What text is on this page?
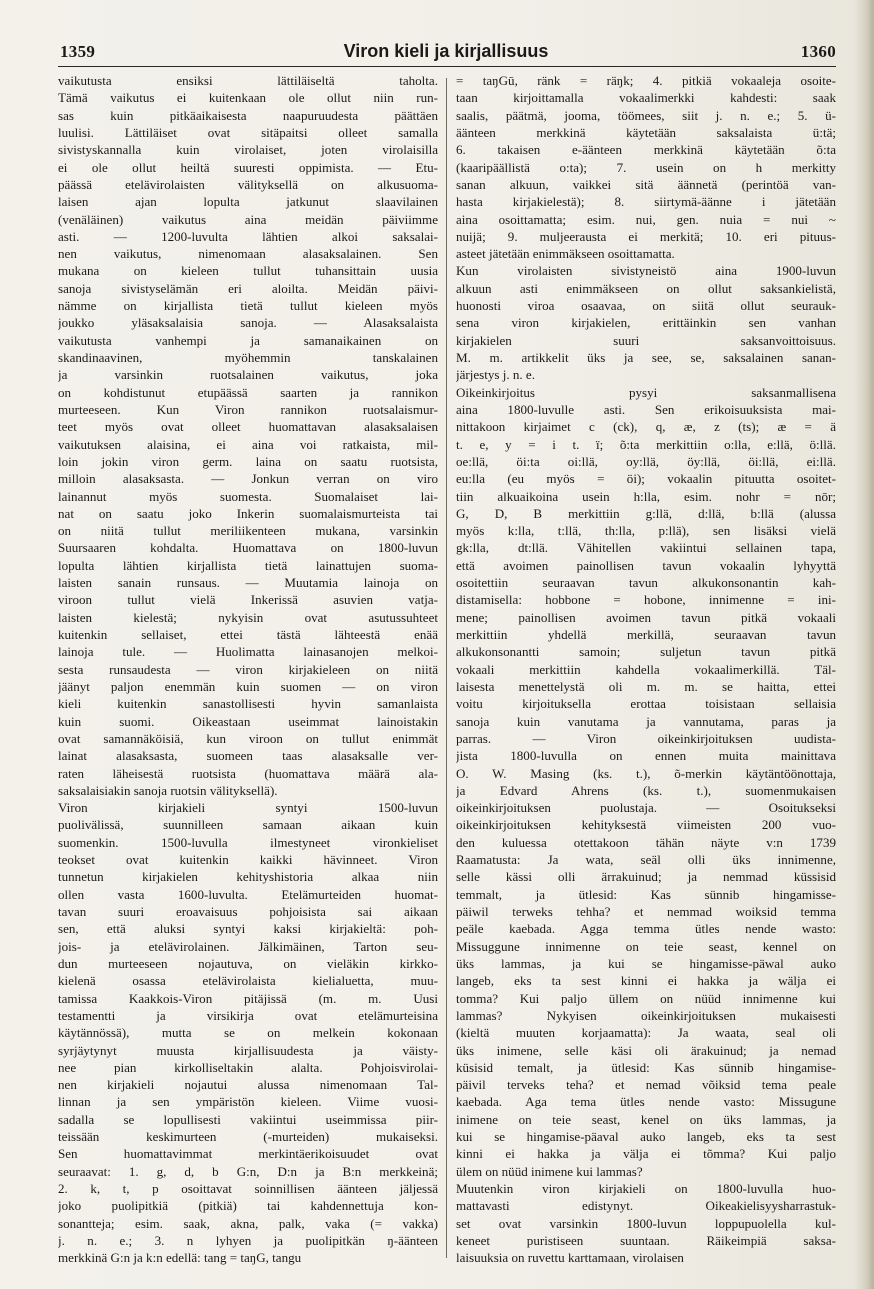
1359	Viron kieli ja kirjallisuus	1360
vaikutusta ensiksi lättiläiseltä taholta.
Tämä vaikutus ei kuitenkaan ole ollut niin run-
sas kuin pitkäaikaisesta naapuruudesta päättäen
luulisi. Lättiläiset ovat sitäpaitsi olleet samalla
sivistyskannalla kuin virolaiset, joten virolaisilla
ei ole ollut heiltä suuresti oppimista. — Etu-
päässä etelävirolaisten välityksellä on alkusuoma-
laisen ajan lopulta jatkunut slaavilainen
(venäläinen) vaikutus aina meidän päiviimme
asti. — 1200-luvulta lähtien alkoi saksalai-
nen vaikutus, nimenomaan alasaksalainen. Sen
mukana on kieleen tullut tuhansittain uusia
sanoja sivistyselämän eri aloilta. Meidän päivi-
nämme on kirjallista tietä tullut kieleen myös
joukko yläsaksalaisia sanoja. — Alasaksalaista
vaikutusta vanhempi ja samanaikainen on
skandinaavinen, myöhemmin tanskalainen
ja varsinkin ruotsalainen vaikutus, joka
on kohdistunut etupäässä saarten ja rannikon
murteeseen. Kun Viron rannikon ruotsalaismur-
teet myös ovat olleet huomattavan alasaksalaisen
vaikutuksen alaisina, ei aina voi ratkaista, mil-
loin jokin viron germ. laina on saatu ruotsista,
milloin alasaksasta. — Jonkun verran on viro
lainannut myös suomesta. Suomalaiset lai-
nat on saatu joko Inkerin suomalaismurteista tai
on niitä tullut meriliikenteen mukana, varsinkin
Suursaaren kohdalta. Huomattava on 1800-luvun
lopulta lähtien kirjallista tietä lainattujen suoma-
laisten sanain runsaus. — Muutamia lainoja on
viroon tullut vielä Inkerissä asuvien vatja-
laisten kielestä; nykyisin ovat asutussuhteet
kuitenkin sellaiset, ettei tästä lähteestä enää
lainoja tule. — Huolimatta lainasanojen melkoi-
sesta runsaudesta — viron kirjakieleen on niitä
jäänyt paljon enemmän kuin suomen — on viron
kieli kuitenkin sanastollisesti hyvin samanlaista
kuin suomi. Oikeastaan useimmat lainoistakin
ovat samannäköisiä, kun viroon on tullut enimmät
lainat alasaksasta, suomeen taas alasaksalle ver-
raten läheisestä ruotsista (huomattava määrä ala-
saksalaisiakin sanoja ruotsin välityksellä).
Viron kirjakieli syntyi 1500-luvun
puolivälissä, suunnilleen samaan aikaan kuin
suomenkin. 1500-luvulla ilmestyneet vironkieliset
teokset ovat kuitenkin kaikki hävinneet. Viron
tunnetun kirjakielen kehityshistoria alkaa niin
ollen vasta 1600-luvulta. Etelämurteiden huomat-
tavan suuri eroavaisuus pohjoisista sai aikaan
sen, että aluksi syntyi kaksi kirjakieltä: poh-
jois- ja etelävirolainen. Jälkimäinen, Tarton seu-
dun murteeseen nojautuva, on vieläkin kirkko-
kielenä osassa etelävirolaista kielialuetta, muu-
tamissa Kaakkois-Viron pitäjissä (m. m. Uusi
testamentti ja virsikirja ovat etelämurteisina
käytännössä), mutta se on melkein kokonaan
syrjäytynyt muusta kirjallisuudesta ja väisty-
nee pian kirkolliseltakin alalta. Pohjoisvirolai-
nen kirjakieli nojautui alussa nimenomaan Tal-
linnan ja sen ympäristön kieleen. Viime vuosi-
sadalla se lopullisesti vakiintui useimmissa piir-
teissään keskimurteen (-murteiden) mukaiseksi.
Sen huomattavimmat merkintäerikoisuudet ovat
seuraavat: 1. g, d, b G:n, D:n ja B:n merkkeinä;
2. k, t, p osoittavat soinnillisen äänteen jäljessä
joko puolipitkiä (pitkiä) tai kahdennettuja kon-
sonantteja; esim. saak, akna, palk, vaka (= vakka)
j. n. e.; 3. n lyhyen ja puolipitkän ŋ-äänteen
merkkinä G:n ja k:n edellä: tang = taŋG, tangu
= taŋGū, ränk = räŋk; 4. pitkiä vokaaleja osoite-
taan kirjoittamalla vokaalimerkki kahdesti: saak
saalis, päätmä, jooma, töömees, siit j. n. e.; 5. ü-
äänteen merkkinä käytetään saksalaista ü:tä;
6. takaisen e-äänteen merkkinä käytetään õ:ta
(kaaripäällistä o:ta); 7. usein on h merkitty
sanan alkuun, vaikkei sitä äännetä (perintöä van-
hasta kirjakielestä); 8. siirtymä-äänne i jätetään
aina osoittamatta; esim. nui, gen. nuia = nui ~
nuijä; 9. muljeerausta ei merkitä; 10. eri pituus-
asteet jätetään enimmäkseen osoittamatta.
Kun virolaisten sivistyneistö aina 1900-luvun
alkuun asti enimmäkseen on ollut saksankielistä,
huonosti viroa osaavaa, on siitä ollut seurauk-
sena viron kirjakielen, erittäinkin sen vanhan
kirjakielen suuri saksanvoittoisuus.
M. m. artikkelit üks ja see, se, saksalainen sanan-
järjestys j. n. e.
Oikeinkirjoitus pysyi saksanmallisena
aina 1800-luvulle asti. Sen erikoisuuksista mai-
nittakoon kirjaimet c (ck), q, æ, z (ts); æ = ä
t. e, y = i t. ï; õ:ta merkittiin o:lla, e:llä, ö:llä.
oe:llä, öi:ta oi:llä, oy:llä, öy:llä, öi:llä, ei:llä.
eu:lla (eu myös = öi); vokaalin pituutta osoitet-
tiin alkuaikoina usein h:lla, esim. nohr = nōr;
G, D, B merkittiin g:llä, d:llä, b:llä (alussa
myös k:lla, t:llä, th:lla, p:llä), sen lisäksi vielä
gk:lla, dt:llä. Vähitellen vakiintui sellainen tapa,
että avoimen painollisen tavun vokaalin lyhyyttä
osoitettiin seuraavan tavun alkukonsonantin kah-
distamisella: hobbone = hobone, innimenne = ini-
mene; painollisen avoimen tavun pitkä vokaali
merkittiin yhdellä merkillä, seuraavan tavun
alkukonsonantti samoin; suljetun tavun pitkä
vokaali merkittiin kahdella vokaalimerkillä. Täl-
laisesta menettelystä oli m. m. se haitta, ettei
voitu kirjoituksella erottaa toisistaan sellaisia
sanoja kuin vanutama ja vannutama, paras ja
parras. — Viron oikeinkirjoituksen uudista-
jista 1800-luvulla on ennen muita mainittava
O. W. Masing (ks. t.), õ-merkin käytäntöönottaja,
ja Edvard Ahrens (ks. t.), suomenmukaisen
oikeinkirjoituksen puolustaja. — Osoitukseksi
oikeinkirjoituksen kehityksestä viimeisten 200 vuo-
den kuluessa otettakoon tähän näyte v:n 1739
Raamatusta: Ja wata, seäl olli üks innimenne,
selle kässi olli ärrakuinud; ja nemmad küssisid
temmalt, ja ütlesid: Kas sünnib hingamisse-
päiwil terweks tehha? et nemmad woiksid temma
peäle kaebada. Agga temma ütles nende wasto:
Missuggune innimenne on teie seast, kennel on
üks lammas, ja kui se hingamisse-päwal auko
langeb, eks ta sest kinni ei hakka ja wälja ei
tomma? Kui paljo üllem on nüüd innimenne kui
lammas? Nykyisen oikeinkirjoituksen mukaisesti
(kieltä muuten korjaamatta): Ja waata, seal oli
üks inimene, selle käsi oli ärakuinud; ja nemad
küsisid temalt, ja ütlesid: Kas sünnib hingamise-
päivil terveks teha? et nemad võiksid tema peale
kaebada. Aga tema ütles nende vasto: Missugune
inimene on teie seast, kenel on üks lammas, ja
kui se hingamise-päaval auko langeb, eks ta sest
kinni ei hakka ja välja ei tõmma? Kui paljo
ülem on nüüd inimene kui lammas?
Muutenkin viron kirjakieli on 1800-luvulla huo-
mattavasti edistynyt. Oikeakielisyysharrastuk-
set ovat varsinkin 1800-luvun loppupuolella kul-
keneet puristiseen suuntaan. Räikeimpiä saksa-
laisuuksia on ruvettu karttamaan, virolaisen
